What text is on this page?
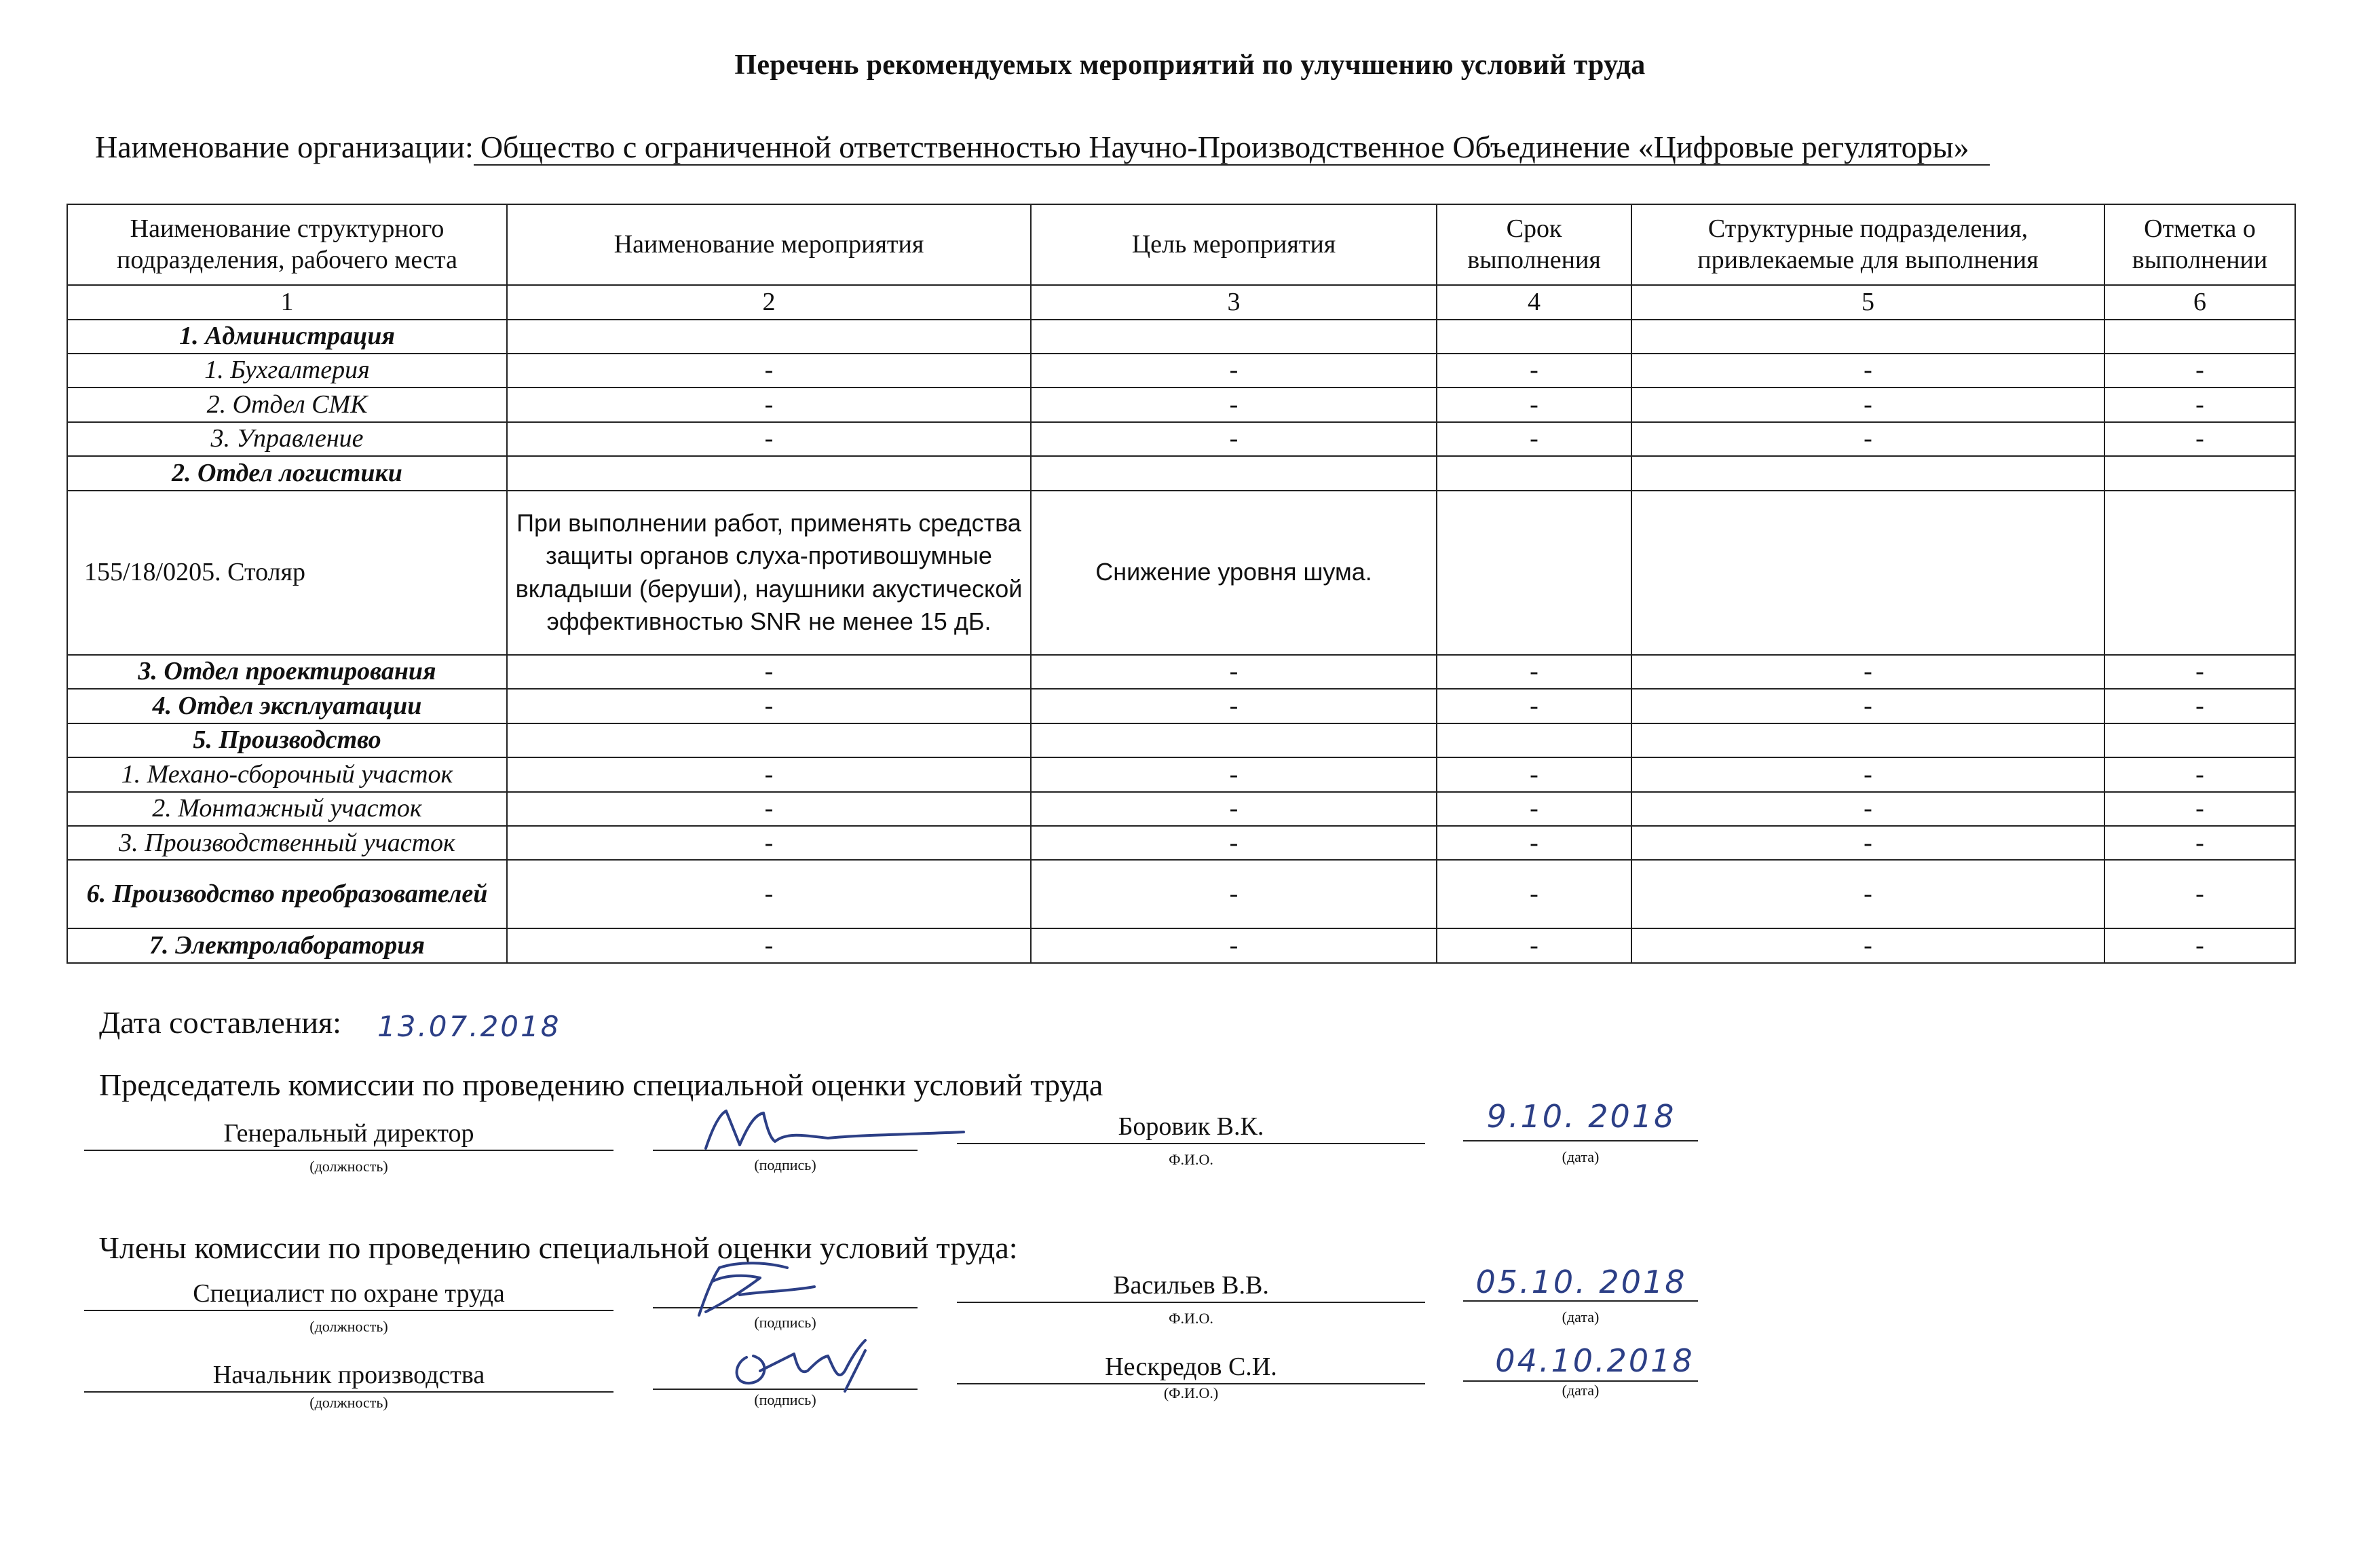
Перечень рекомендуемых мероприятий по улучшению условий труда
Наименование организации: Общество с ограниченной ответственностью Научно-Производственное Объединение «Цифровые регуляторы»
Наименование структурного подразделения, рабочего места	Наименование мероприятия	Цель мероприятия	Срок выполнения	Структурные подразделения, привлекаемые для выполнения	Отметка о выполнении
1	2	3	4	5	6
1. Администрация					
1. Бухгалтерия	-	-	-	-	-
2. Отдел СМК	-	-	-	-	-
3. Управление	-	-	-	-	-
2. Отдел логистики					
155/18/0205. Столяр	При выполнении работ, применять средства защиты органов слуха-противошумные вкладыши (беруши), наушники акустической эффективностью SNR не менее 15 дБ.	Снижение уровня шума.			
3. Отдел проектирования	-	-	-	-	-
4. Отдел эксплуатации	-	-	-	-	-
5. Производство					
1. Механо-сборочный участок	-	-	-	-	-
2. Монтажный участок	-	-	-	-	-
3. Производственный участок	-	-	-	-	-
6. Производство преобразователей	-	-	-	-	-
7. Электролаборатория	-	-	-	-	-
Дата составления: 13.07.2018
Председатель комиссии по проведению специальной оценки условий труда
Генеральный директор
(должность)	(подпись)
Боровик В.К.
Ф.И.О.
9.10. 2018
(дата)
Члены комиссии по проведению специальной оценки условий труда:
Специалист по охране труда
(должность)	(подпись)
Васильев В.В.
Ф.И.О.
05.10. 2018
(дата)
Начальник производства
(должность)	(подпись)
Нескредов С.И.
(Ф.И.О.)
04.10.2018
(дата)
